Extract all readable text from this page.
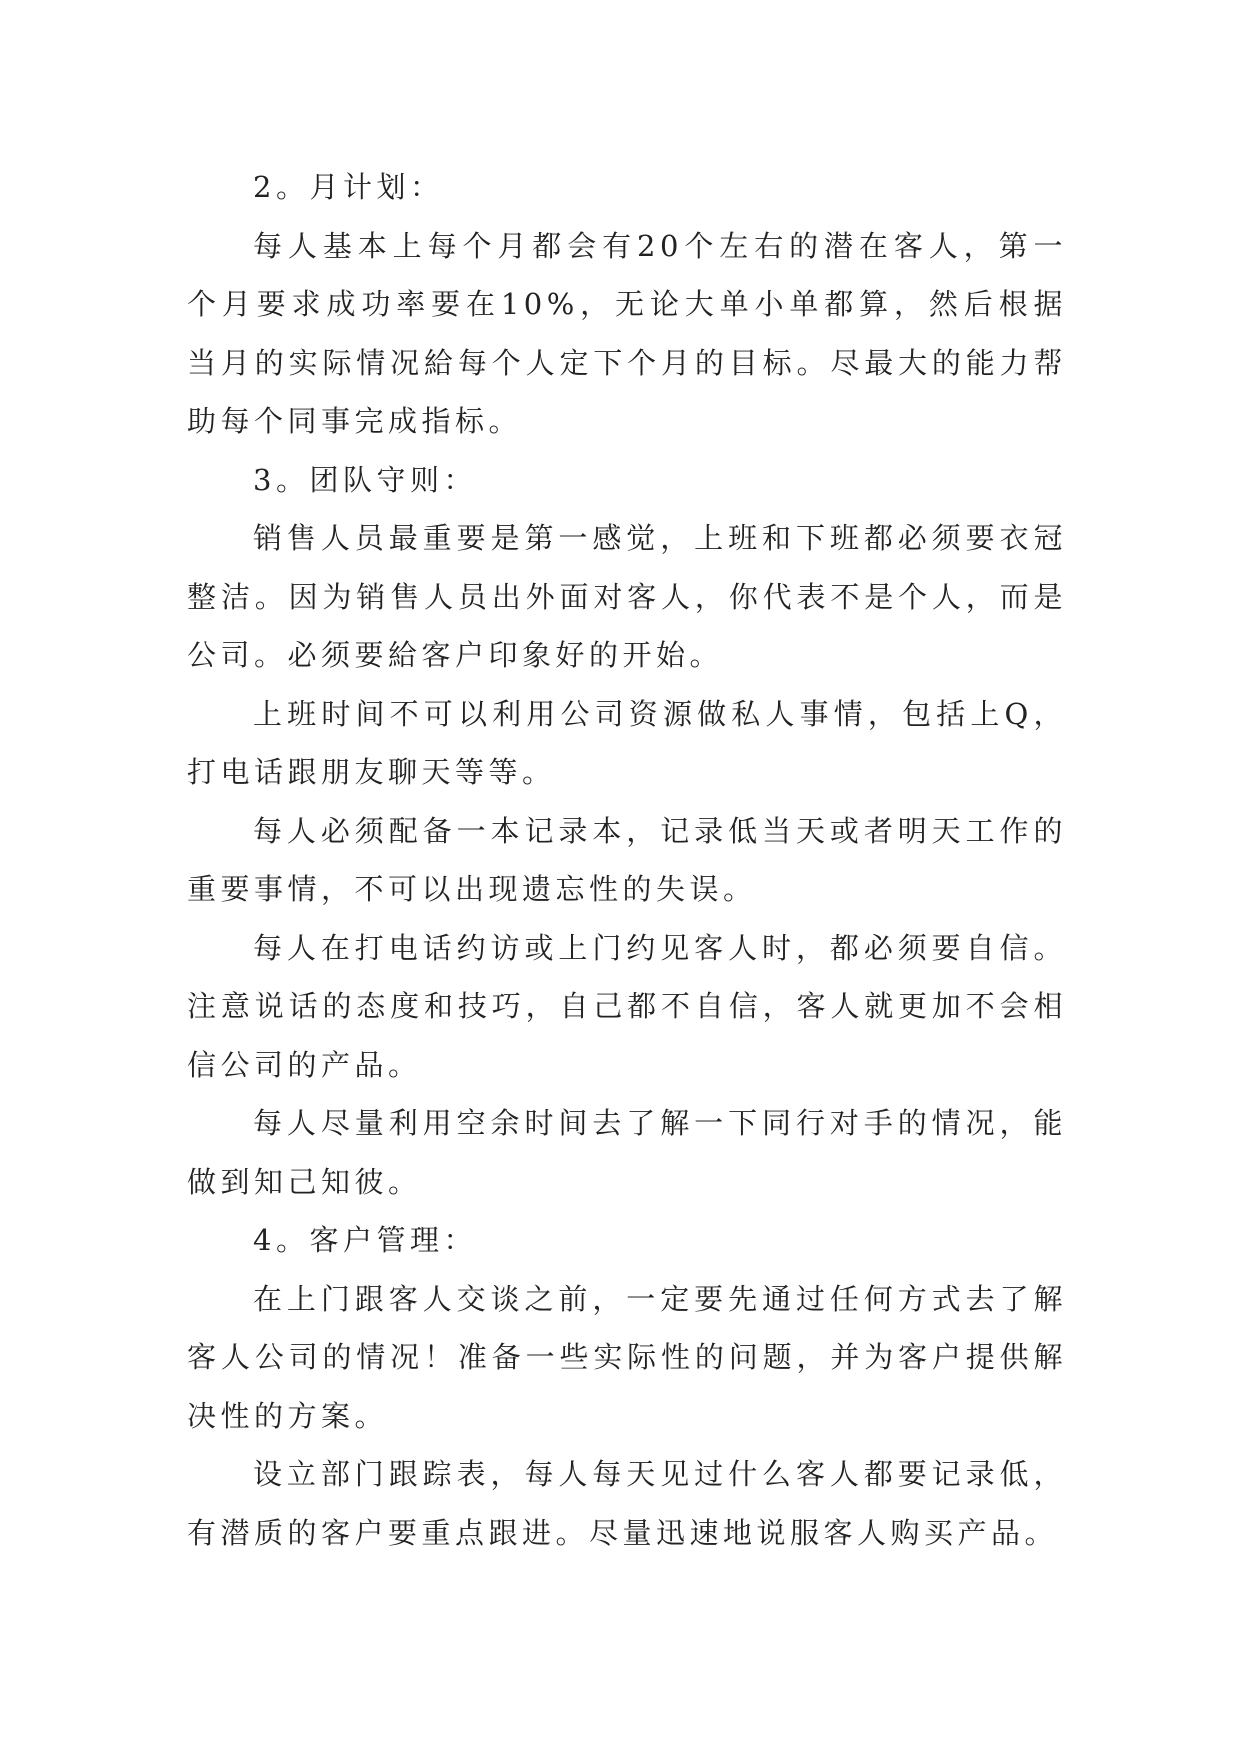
2。月计划：

每人基本上每个月都会有20个左右的潜在客人，第一个月要求成功率要在10%，无论大单小单都算，然后根据当月的实际情况給每个人定下个月的目标。尽最大的能力帮助每个同事完成指标。

3。团队守则：

销售人员最重要是第一感觉，上班和下班都必须要衣冠整洁。因为销售人员出外面对客人，你代表不是个人，而是公司。必须要給客户印象好的开始。

上班时间不可以利用公司资源做私人事情，包括上Q，打电话跟朋友聊天等等。

每人必须配备一本记录本，记录低当天或者明天工作的重要事情，不可以出现遗忘性的失误。

每人在打电话约访或上门约见客人时，都必须要自信。注意说话的态度和技巧，自己都不自信，客人就更加不会相信公司的产品。

每人尽量利用空余时间去了解一下同行对手的情况，能做到知己知彼。

4。客户管理：

在上门跟客人交谈之前，一定要先通过任何方式去了解客人公司的情况！准备一些实际性的问题，并为客户提供解决性的方案。

设立部门跟踪表，每人每天见过什么客人都要记录低，有潜质的客户要重点跟进。尽量迅速地说服客人购买产品。
